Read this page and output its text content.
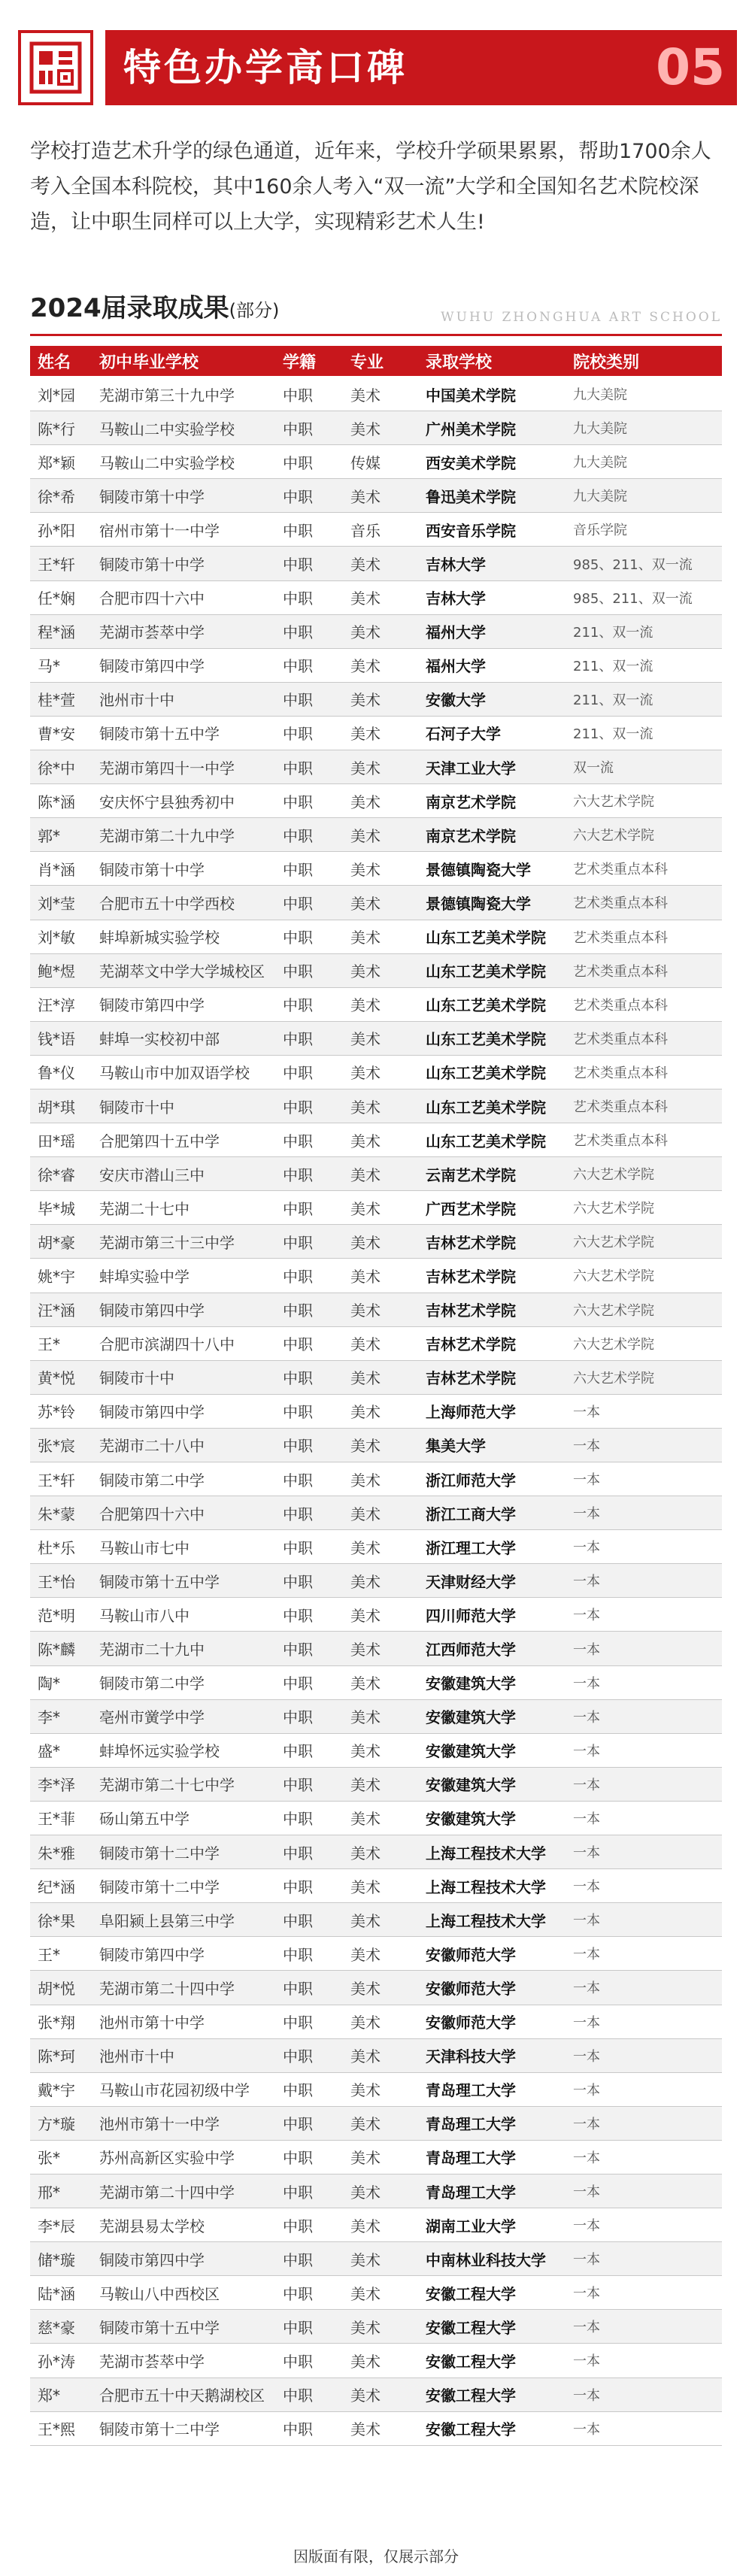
特色办学高口碑	05

学校打造艺术升学的绿色通道，近年来，学校升学硕果累累，帮助1700余人考入全国本科院校，其中160余人考入“双一流”大学和全国知名艺术院校深造，让中职生同样可以上大学，实现精彩艺术人生!

2024届录取成果(部分)	WUHU ZHONGHUA ART SCHOOL
姓名	初中毕业学校	学籍	专业	录取学校	院校类别
刘*园	芜湖市第三十九中学	中职	美术	中国美术学院	九大美院
陈*行	马鞍山二中实验学校	中职	美术	广州美术学院	九大美院
郑*颖	马鞍山二中实验学校	中职	传媒	西安美术学院	九大美院
徐*希	铜陵市第十中学	中职	美术	鲁迅美术学院	九大美院
孙*阳	宿州市第十一中学	中职	音乐	西安音乐学院	音乐学院
王*轩	铜陵市第十中学	中职	美术	吉林大学	985、211、双一流
任*娴	合肥市四十六中	中职	美术	吉林大学	985、211、双一流
程*涵	芜湖市荟萃中学	中职	美术	福州大学	211、双一流
马*	铜陵市第四中学	中职	美术	福州大学	211、双一流
桂*萱	池州市十中	中职	美术	安徽大学	211、双一流
曹*安	铜陵市第十五中学	中职	美术	石河子大学	211、双一流
徐*中	芜湖市第四十一中学	中职	美术	天津工业大学	双一流
陈*涵	安庆怀宁县独秀初中	中职	美术	南京艺术学院	六大艺术学院
郭*	芜湖市第二十九中学	中职	美术	南京艺术学院	六大艺术学院
肖*涵	铜陵市第十中学	中职	美术	景德镇陶瓷大学	艺术类重点本科
刘*莹	合肥市五十中学西校	中职	美术	景德镇陶瓷大学	艺术类重点本科
刘*敏	蚌埠新城实验学校	中职	美术	山东工艺美术学院	艺术类重点本科
鲍*煜	芜湖萃文中学大学城校区	中职	美术	山东工艺美术学院	艺术类重点本科
汪*淳	铜陵市第四中学	中职	美术	山东工艺美术学院	艺术类重点本科
钱*语	蚌埠一实校初中部	中职	美术	山东工艺美术学院	艺术类重点本科
鲁*仪	马鞍山市中加双语学校	中职	美术	山东工艺美术学院	艺术类重点本科
胡*琪	铜陵市十中	中职	美术	山东工艺美术学院	艺术类重点本科
田*瑶	合肥第四十五中学	中职	美术	山东工艺美术学院	艺术类重点本科
徐*睿	安庆市潜山三中	中职	美术	云南艺术学院	六大艺术学院
毕*城	芜湖二十七中	中职	美术	广西艺术学院	六大艺术学院
胡*豪	芜湖市第三十三中学	中职	美术	吉林艺术学院	六大艺术学院
姚*宇	蚌埠实验中学	中职	美术	吉林艺术学院	六大艺术学院
汪*涵	铜陵市第四中学	中职	美术	吉林艺术学院	六大艺术学院
王*	合肥市滨湖四十八中	中职	美术	吉林艺术学院	六大艺术学院
黄*悦	铜陵市十中	中职	美术	吉林艺术学院	六大艺术学院
苏*铃	铜陵市第四中学	中职	美术	上海师范大学	一本
张*宸	芜湖市二十八中	中职	美术	集美大学	一本
王*轩	铜陵市第二中学	中职	美术	浙江师范大学	一本
朱*蒙	合肥第四十六中	中职	美术	浙江工商大学	一本
杜*乐	马鞍山市七中	中职	美术	浙江理工大学	一本
王*怡	铜陵市第十五中学	中职	美术	天津财经大学	一本
范*明	马鞍山市八中	中职	美术	四川师范大学	一本
陈*麟	芜湖市二十九中	中职	美术	江西师范大学	一本
陶*	铜陵市第二中学	中职	美术	安徽建筑大学	一本
李*	亳州市黉学中学	中职	美术	安徽建筑大学	一本
盛*	蚌埠怀远实验学校	中职	美术	安徽建筑大学	一本
李*泽	芜湖市第二十七中学	中职	美术	安徽建筑大学	一本
王*菲	砀山第五中学	中职	美术	安徽建筑大学	一本
朱*雅	铜陵市第十二中学	中职	美术	上海工程技术大学	一本
纪*涵	铜陵市第十二中学	中职	美术	上海工程技术大学	一本
徐*果	阜阳颍上县第三中学	中职	美术	上海工程技术大学	一本
王*	铜陵市第四中学	中职	美术	安徽师范大学	一本
胡*悦	芜湖市第二十四中学	中职	美术	安徽师范大学	一本
张*翔	池州市第十中学	中职	美术	安徽师范大学	一本
陈*珂	池州市十中	中职	美术	天津科技大学	一本
戴*宇	马鞍山市花园初级中学	中职	美术	青岛理工大学	一本
方*璇	池州市第十一中学	中职	美术	青岛理工大学	一本
张*	苏州高新区实验中学	中职	美术	青岛理工大学	一本
邢*	芜湖市第二十四中学	中职	美术	青岛理工大学	一本
李*辰	芜湖县易太学校	中职	美术	湖南工业大学	一本
储*璇	铜陵市第四中学	中职	美术	中南林业科技大学	一本
陆*涵	马鞍山八中西校区	中职	美术	安徽工程大学	一本
慈*豪	铜陵市第十五中学	中职	美术	安徽工程大学	一本
孙*涛	芜湖市荟萃中学	中职	美术	安徽工程大学	一本
郑*	合肥市五十中天鹅湖校区	中职	美术	安徽工程大学	一本
王*熙	铜陵市第十二中学	中职	美术	安徽工程大学	一本
因版面有限，仅展示部分
